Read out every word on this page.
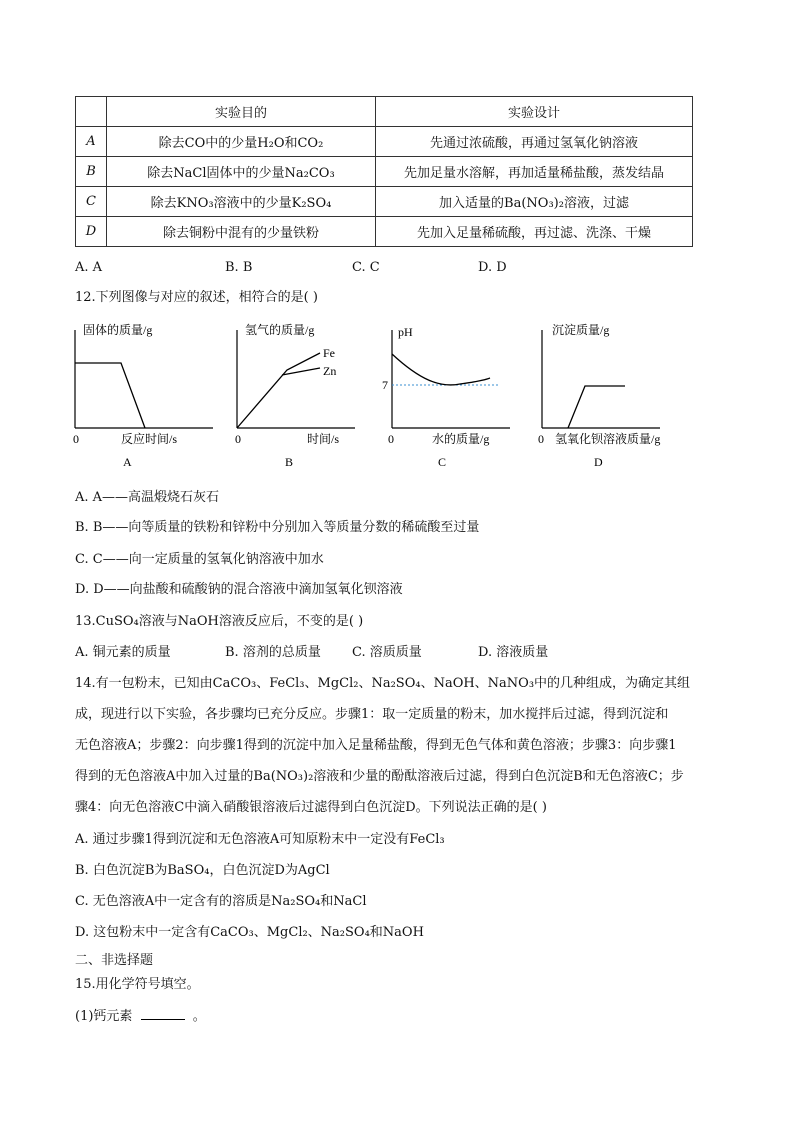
	实验目的	实验设计
A	除去CO中的少量H₂O和CO₂	先通过浓硫酸，再通过氢氧化钠溶液
B	除去NaCl固体中的少量Na₂CO₃	先加足量水溶解，再加适量稀盐酸，蒸发结晶
C	除去KNO₃溶液中的少量K₂SO₄	加入适量的Ba(NO₃)₂溶液，过滤
D	除去铜粉中混有的少量铁粉	先加入足量稀硫酸，再过滤、洗涤、干燥
A. A	B. B	C. C	D. D
12.下列图像与对应的叙述，相符合的是( )
固体的质量/g
0	反应时间/s
A
氢气的质量/g
Fe
Zn
0	时间/s
B
pH
7
0	水的质量/g
C
沉淀质量/g
0 氢氧化钡溶液质量/g
D
A. A——高温煅烧石灰石
B. B——向等质量的铁粉和锌粉中分别加入等质量分数的稀硫酸至过量
C. C——向一定质量的氢氧化钠溶液中加水
D. D——向盐酸和硫酸钠的混合溶液中滴加氢氧化钡溶液
13.CuSO₄溶液与NaOH溶液反应后，不变的是( )
A. 铜元素的质量	B. 溶剂的总质量 C. 溶质质量	D. 溶液质量
14.有一包粉末，已知由CaCO₃、FeCl₃、MgCl₂、Na₂SO₄、NaOH、NaNO₃中的几种组成，为确定其组
成，现进行以下实验，各步骤均已充分反应。步骤1：取一定质量的粉末，加水搅拌后过滤，得到沉淀和
无色溶液A；步骤2：向步骤1得到的沉淀中加入足量稀盐酸，得到无色气体和黄色溶液；步骤3：向步骤1
得到的无色溶液A中加入过量的Ba(NO₃)₂溶液和少量的酚酞溶液后过滤，得到白色沉淀B和无色溶液C；步
骤4：向无色溶液C中滴入硝酸银溶液后过滤得到白色沉淀D。下列说法正确的是( )
A. 通过步骤1得到沉淀和无色溶液A可知原粉末中一定没有FeCl₃
B. 白色沉淀B为BaSO₄，白色沉淀D为AgCl
C. 无色溶液A中一定含有的溶质是Na₂SO₄和NaCl
D. 这包粉末中一定含有CaCO₃、MgCl₂、Na₂SO₄和NaOH
二、非选择题
15.用化学符号填空。
(1)钙元素	。
